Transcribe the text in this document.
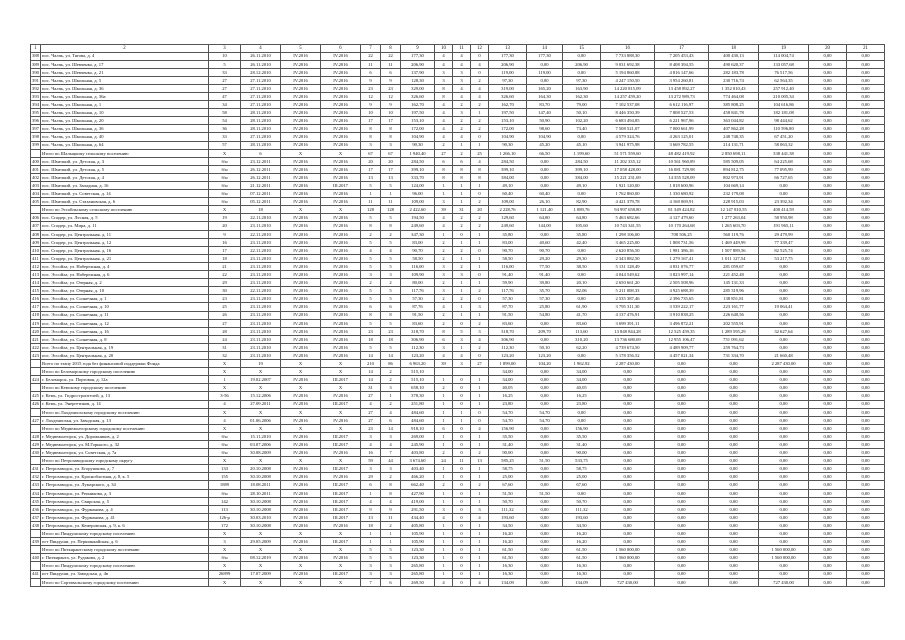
1	2	3	4	5	6	7	8	9	10	11	12	13	14	15	16	17	18	19	20	21
388	пос. Чалпь, ул. Тягова, д. 4	10	26.11.2010	IV.2016	IV.2016	22	22	177,30	4	4	0	177,30	177,30	0,00	7 733 888,30	7 205 453,43	400 430,13	114 004,74	0,00	0,00
389	пос. Чалпь, ул. Шевченко, д. 17	5	26.11.2010	IV.2016	IV.2016	11	11	206,90	4	4	4	206,90	0,00	206,90	9 031 692,38	8 408 394,55	490 620,37	133 057,68	0,00	0,00
390	пос. Чалпь, ул. Шевченко, д. 21	33	28.12.2010	IV.2016	IV.2016	6	6	137,90	3	3	0	119,00	119,00	0,00	5 194 860,88	4 816 147,66	282 183,78	76 517,56	0,00	0,00
391	пос. Чалпь, ул. Школьная, д. 5	27	27.11.2010	IV.2016	IV.2016	9	9	128,30	3	3	2	97,30	0,00	97,30	4 247 150,50	3 954 260,81	230 716,74	62 564,35	0,00	0,00
392	пос. Чалпь, ул. Школьная, д. 36	27	27.11.2010	IV.2016	IV.2016	23	23	329,00	8	4	4	319,00	165,20	163,90	14 220 815,09	13 458 892,27	1 352 010,43	257 912,40	0,00	0,00
393	пос. Чалпь, ул. Школьная, д. 36а	47	27.11.2010	IV.2016	IV.2016	12	12	326,60	8	4	4	326,60	164,30	162,30	14 257 459,20	13 272 989,73	774 464,08	210 005,34	0,00	0,00
394	пос. Чалпь, ул. Школьная, д. 1	34	27.11.2010	IV.2016	IV.2016	9	9	162,70	4	2	2	162,70	83,70	79,00	7 102 537,08	6 612 116,97	385 808,25	104 616,86	0,00	0,00
395	пос. Чалпь, ул. Школьная, д. 10	58	28.11.2010	IV.2016	IV.2016	10	10	197,50	4	3	1	197,50	147,40	50,10	8 446 350,39	7 808 527,53	458 841,78	182 181,08	0,00	0,00
396	пос. Чалпь, ул. Школьная, д. 20	54	28.11.2010	IV.2016	IV.2016	17	17	153,10	4	2	2	153,10	50,90	102,20	6 683 494,85	6 221 967,96	363 044,82	98 444,62	0,00	0,00
397	пос. Чалпь, ул. Школьная, д. 36	36	28.11.2010	IV.2016	IV.2016	8	8	172,00	4	2	2	172,00	98,60	73,40	7 508 521,07	7 000 661,99	407 862,28	110 596,80	0,00	0,00
398	пос. Чалпь, ул. Школьная, д. 40	33	27.11.2010	IV.2016	IV.2016	8	8	104,90	4	4	0	104,90	104,90	0,00	4 579 324,76	4 263 125,01	248 748,35	67 451,20	0,00	0,00
399	пос. Чалпь, ул. Школьная, д. 64	57	28.11.2010	IV.2016	IV.2016	3	3	90,30	2	1	1	90,30	45,20	45,10	3 941 975,98	3 669 782,55	214 131,71	58 063,32	0,00	0,00
	Итого по Шалыцкому сельскому поселению	X	6	X	X	67	67	1 940,40	27	2	25	1 266,10	66,50	1 199,60	51 571 559,60	48 482 419,92	2 850 698,11	338 441,38	0,00	0,00
400	пос. Шмелкий, ул. Детская, д. 3	б/н	23.12.2011	IV.2016	IV.2016	20	20	284,50	6	6	4	284,50	0,00	284,50	11 202 335,12	10 561 960,89	585 509,05	64 225,68	0,00	0,00
401	пос. Шмелкий, ул. Детская, д. 5	б/н	26.12.2011	IV.2016	IV.2016	17	17	399,10	8	8	8	399,10	0,00	399,10	17 058 428,00	16 081 729,98	894 812,75	77 095,99	0,00	0,00
402	пос. Шмелкий, ул. Детская, д. 4	б/н	26.12.2011	IV.2016	IV.2016	13	13	333,70	8	8	8	384,00	0,00	384,00	15 221 231,69	14 355 528,09	802 973,91	66 727,65	0,00	0,00
403	пос. Шмелкий, ул. Западная, д. 16	б/н	21.12.2011	IV.2016	III.2017	5	5	124,00	1	1	1	49,10	0,00	49,10	1 921 120,00	1 818 600,96	104 669,14	0,00	0,00	0,00
404	пос. Шмелкий, ул. Советская, д. 14	б/н	07.12.2011	IV.2016	IV.2016	1	1	96,00	1	1	0	60,40	60,40	0,00	1 762 860,00	1 330 680,92	232 179,08	0,00	0,00	0,00
405	пос. Шмелкий, ул. Стахановская, д. 6	б/н	05.12.2011	IV.2016	IV.2016	11	11	109,00	3	1	2	109,00	26,10	82,90	4 421 379,78	4 168 069,91	228 915,03	23 392,34	0,00	0,00
	Итого по Эссойльскому сельскому поселению	X	18	X	X	128	128	2 422,60	39	31	20	2 228,76	1 121,40	1 089,76	94 997 658,80	81 349 424,82	12 147 810,55	400 414,59	0,00	0,00
406	пос. Спадер, ул. Лесная, д. 5	19	22.11.2010	IV.2016	IV.2016	5	5	194,50	4	2	2	129,60	64,80	64,80	5 463 682,66	4 127 479,60	1 277 263,04	58 950,98	0,00	0,00
407	пос. Спадер, ул. Мира, д. 11	20	23.11.2010	IV.2016	IV.2016	8	8	249,60	4	2	2	249,60	144,00	105,60	10 743 341,55	10 170 264,68	1 265 603,70	191 965,11	0,00	0,00
408	пос. Спадер, ул. Центральная, д. 11	9	22.11.2010	IV.2016	IV.2016	2	2	347,30	1	0	1	35,80	0,00	35,80	1 298 106,00	708 506,25	560 119,76	29 479,99	0,00	0,00
409	пос. Спадер, ул. Центральная, д. 12	16	23.11.2010	IV.2016	IV.2016	5	5	83,00	2	1	1	83,00	40,60	42,40	3 465 225,00	1 808 731,56	1 469 449,99	77 339,47	0,00	0,00
410	пос. Спадер, ул. Центральная, д. 16	17	22.11.2010	IV.2016	IV.2016	4	4	90,70	2	2	0	90,70	90,70	0,00	2 620 856,50	1 981 386,16	1 507 889,56	82 525,74	0,00	0,00
411	пос. Спадер, ул. Центральная, д. 21	18	23.11.2010	IV.2016	IV.2016	5	5	58,50	2	1	1	58,50	29,20	29,30	2 343 882,50	1 279 167,41	1 011 127,54	53 217,75	0,00	0,00
412	пос. Эссойла, ул. Набережная, д. 4	21	23.11.2010	IV.2016	IV.2016	5	5	116,00	3	2	1	116,00	77,50	38,50	5 131 128,49	4 831 076,77	281 059,67	0,00	0,00	0,00
413	пос. Эссойла, ул. Набережная, д. 6	22	23.11.2010	IV.2016	IV.2016	3	3	109,90	3	3	0	91,40	91,40	0,00	4 044 549,62	3 823 997,14	221 452,48	0,00	0,00	0,00
414	пос. Эссойла, ул. Озерная, д. 2	29	23.11.2010	IV.2016	IV.2016	2	2	80,00	2	1	1	59,90	39,80	20,10	2 650 661,20	2 505 508,96	145 131,33	0,00	0,00	0,00
415	пос. Эссойла, ул. Озерная, д. 10	30	22.11.2010	IV.2016	IV.2016	5	5	117,76	3	1	2	117,76	35,70	82,06	5 211 008,33	4 925 688,39	285 319,96	0,00	0,00	0,00
416	пос. Эссойла, ул. Солнечная, д. 1	23	23.11.2010	IV.2016	IV.2016	5	5	57,30	2	2	0	57,30	57,30	0,00	2 535 387,46	2 396 735,65	138 851,81	0,00	0,00	0,00
417	пос. Эссойла, ул. Солнечная, д. 10	25	23.11.2010	IV.2016	IV.2016	6	6	87,76	4	1	3	87,70	25,80	61,90	3 795 311,30	3 539 222,17	223 161,77	19 064,41	0,00	0,00
418	пос. Эссойла, ул. Солнечная, д. 11	26	23.11.2010	IV.2016	IV.2016	8	8	91,50	2	1	1	91,50	54,80	41,70	4 137 476,91	3 910 838,25	226 640,56	0,00	0,00	0,00
419	пос. Эссойла, ул. Солнечная, д. 12	27	23.11.2010	IV.2016	IV.2016	5	5	83,60	2	0	2	83,60	0,00	83,60	3 699 391,11	3 496 872,21	202 555,91	0,00	0,00	0,00
420	пос. Эссойла, ул. Солнечная, д. 16	28	23.11.2010	IV.2016	IV.2016	23	23	318,70	8	5	3	318,70	209,70	113,60	13 848 844,28	12 525 459,35	1 289 595,29	32 627,64	0,00	0,00
421	пос. Эссойла, ул. Солнечная, д. 8	24	23.11.2010	IV.2016	IV.2016	18	18	306,90	6	3	4	306,90	0,00	310,20	13 736 680,69	12 955 106,47	751 091,62	0,00	0,00	0,00
422	пос. Эссойла, ул. Центральная, д. 19	31	23.11.2010	IV.2016	IV.2016	5	5	112,30	3	1	2	112,30	50,10	62,20	4 739 674,50	4 489 909,77	259 764,73	0,00	0,00	0,00
423	пос. Эссойла, ул. Центральная, д. 20	32	23.11.2010	IV.2016	IV.2016	14	14	123,20	4	4	0	123,20	123,20	0,00	5 178 356,52	4 457 021,34	731 334,70	21 660,48	0,00	0,00
	Всего по этапу 2015 года без финансовой поддержки Фонда	X	19	X	X	210	86	6 963,20	39	3	27	1 899,00	104,20	1 962,92	2 287 430,00	0,00	0,00	2 287 430,00	0,00	0,00
	Итого по Беломорскому городскому поселению	X	X	X	X	14	2	515,10				34,00	0,00	34,00	0,00	0,00	0,00	0,00	0,00	0,00
424	г. Беломорск, ул. Портовая, д. 12а	1	19.02.2007	IV.2016	III.2017	14	2	515,10	1	0	1	34,00	0,00	34,00	0,00	0,00	0,00	0,00	0,00	0,00
	Итого по Кемскому городскому поселению	X	X	X	X	31	3	658,10	2	0	1	40,05	0,00	40,05	0,00	0,00	0,00	0,00	0,00	0,00
425	г. Кемь, ул. Гидростроителей, д. 13	3-56	15.12.2006	IV.2016	IV.2016	27	1	378,30	1	0	1	16,25	0,00	16,25	0,00	0,00	0,00	0,00	0,00	0,00
426	г. Кемь, ул. Энергетиков, д. 14	4	27.09.2011	IV.2016	III.2017	4	2	251,80	1	0	1	23,80	0,00	23,80	0,00	0,00	0,00	0,00	0,00	0,00
	Итого по Лахденпохскому городскому поселению	X	X	X	X	27	4	484,60	1	1	0	54,70	54,70	0,00	0,00	0,00	0,00	0,00	0,00	0,00
427	г. Лахденпохья, ул. Заводская, д. 13	4	01.06.2006	IV.2016	IV.2016	27	6	484,60	1	1	0	54,70	54,70	0,00	0,00	0,00	0,00	0,00	0,00	0,00
	Итого по Медвежьегорскому городскому поселению	X	X	X	X	23	14	918,10	6	0	4	156,90	0,00	156,90	0,00	0,00	0,00	0,00	0,00	0,00
428	г. Медвежьегорск, ул. Дорожников, д. 2	б/н	15.11.2010	IV.2016	III.2017	3	3	269,00	1	0	1	35,50	0,00	35,50	0,00	0,00	0,00	0,00	0,00	0,00
429	г. Медвежьегорск, ул. М.Горького, д. 32	б/н	03.07.2006	IV.2016	III.2017	4	4	245,90	1	0	1	31,40	0,00	31,40	0,00	0,00	0,00	0,00	0,00	0,00
430	г. Медвежьегорск, ул. Советская, д. 7а	б/н	30.08.2009	IV.2016	IV.2016	16	7	403,80	2	0	2	90,00	0,00	90,00	0,00	0,00	0,00	0,00	0,00	0,00
	Итого по Петрозаводскому городскому округу	X	X	X	X	59	44	3 674,60	24	11	13	585,25	51,50	533,75	0,00	0,00	0,00	0,00	0,00	0,00
431	г. Петрозаводск, ул. Егорушкова, д. 7	133	20.10.2008	IV.2016	III.2017	3	3	403,40	1	0	1	58,75	0,00	58,75	0,00	0,00	0,00	0,00	0,00	0,00
432	г. Петрозаводск, ул. Красноблотная, д. 8, к. 5	155	30.10.2008	IV.2016	IV.2016	29	2	466,20	1	0	1	25,00	0,00	25,00	0,00	0,00	0,00	0,00	0,00	0,00
433	г. Петрозаводск, ул. Лумарского, д. 34	1889	18.08.2011	IV.2016	III.2017	6	8	662,40	2	0	2	67,60	0,00	67,60	0,00	0,00	0,00	0,00	0,00	0,00
434	г. Петрозаводск, ул. Репникова, д. 3	б/н	28.10.2011	IV.2016	III.2017	1	8	427,90	1	0	1	51,50	51,50	0,00	0,00	0,00	0,00	0,00	0,00	0,00
435	г. Петрозаводск, ул. Свирская, д. 5	142	30.10.2008	IV.2016	III.2017	4	4	419,00	1	0	1	50,70	0,00	50,70	0,00	0,00	0,00	0,00	0,00	0,00
436	г. Петрозаводск, ул. Фурманова, д. 4	113	30.10.2008	IV.2016	III.2017	9	9	291,50	3	0	3	111,32	0,00	111,32	0,00	0,00	0,00	0,00	0,00	0,00
437	г. Петрозаводск, ул. Фурманова, д. 41	126-р	30.03.2010	IV.2016	III.2017	13	11	434,40	4	0	4	193,60	0,00	193,60	0,00	0,00	0,00	0,00	0,00	0,00
438	г. Петрозаводск, ул. Кемеровская, д. 9, к. 6	172	30.10.2008	IV.2016	IV.2016	18	2	405,80	1	0	1	34,50	0,00	34,50	0,00	0,00	0,00	0,00	0,00	0,00
	Итого по Пиндушскому городскому поселению	X	X	X	X	1	1	105,90	1	0	1	16,20	0,00	16,20	0,00	0,00	0,00	0,00	0,00	0,00
439	пгт Пиндуши, ул. Першинкайская, д. 6	3	29.05.2009	IV.2016	III.2017	1	1	105,90	1	0	1	16,20	0,00	16,20	0,00	0,00	0,00	0,00	0,00	0,00
	Итого по Питкярантскому городскому поселению	X	X	X	X	5	5	123,30	1	0	1	61,50	0,00	61,50	1 560 000,00	0,00	0,00	1 560 000,00	0,00	0,00
440	г. Питкяранта, ул. Рудакова, д. 2	б/н	08.12.2019	IV.2016	IV.2016	5	5	123,30	1	0	1	61,50	0,00	61,50	1 560 000,00	0,00	0,00	1 560 000,00	0,00	0,00
	Итого по Пиндушскому городскому поселению	X	X	X	X	3	3	265,80	1	0	1	16,30	0,00	16,30	0,00	0,00	0,00	0,00	0,00	0,00
441	пгт Пиндуши, ул. Заводская, д. 4в	26899	17.07.2009	IV.2016	III.2017	3	3	265,80	1	0	1	16,30	0,00	16,30	0,00	0,00	0,00	0,00	0,00	0,00
	Итого по Сортавальскому городскому поселению	X	X	X	X	7	6	269,50	4	0	4	134,09	0,00	134,09	727 430,00	0,00	0,00	727 430,00	0,00	0,00
